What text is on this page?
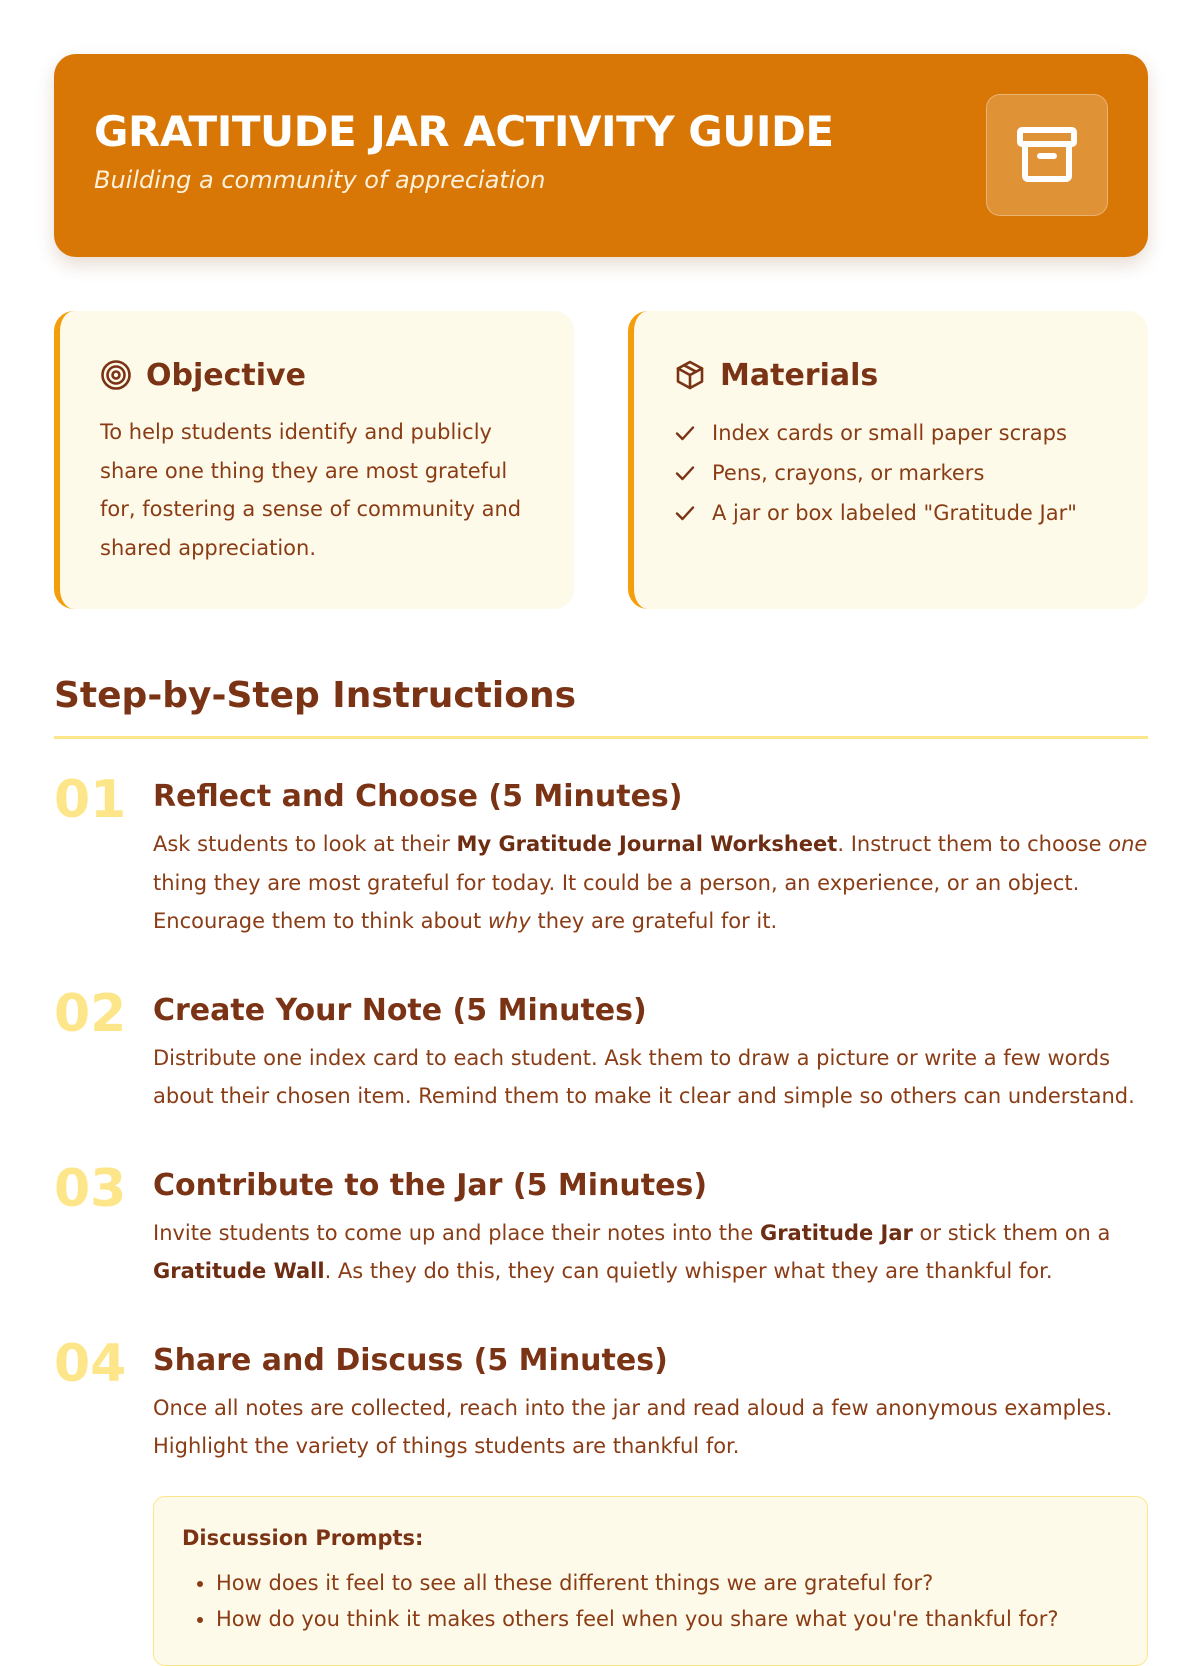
GRATITUDE JAR ACTIVITY GUIDE

Building a community of appreciation

Objective

To help students identify and publicly share one thing they are most grateful for, fostering a sense of community and shared appreciation.

Materials
Index cards or small paper scraps
Pens, crayons, or markers
A jar or box labeled "Gratitude Jar"
Step-by-Step Instructions
01 Reflect and Choose (5 Minutes)

Ask students to look at their My Gratitude Journal Worksheet. Instruct them to choose one thing they are most grateful for today. It could be a person, an experience, or an object. Encourage them to think about why they are grateful for it.

02 Create Your Note (5 Minutes)

Distribute one index card to each student. Ask them to draw a picture or write a few words about their chosen item. Remind them to make it clear and simple so others can understand.

03 Contribute to the Jar (5 Minutes)

Invite students to come up and place their notes into the Gratitude Jar or stick them on a Gratitude Wall. As they do this, they can quietly whisper what they are thankful for.

04 Share and Discuss (5 Minutes)

Once all notes are collected, reach into the jar and read aloud a few anonymous examples. Highlight the variety of things students are thankful for.

Discussion Prompts:
• How does it feel to see all these different things we are grateful for?
• How do you think it makes others feel when you share what you're thankful for?
